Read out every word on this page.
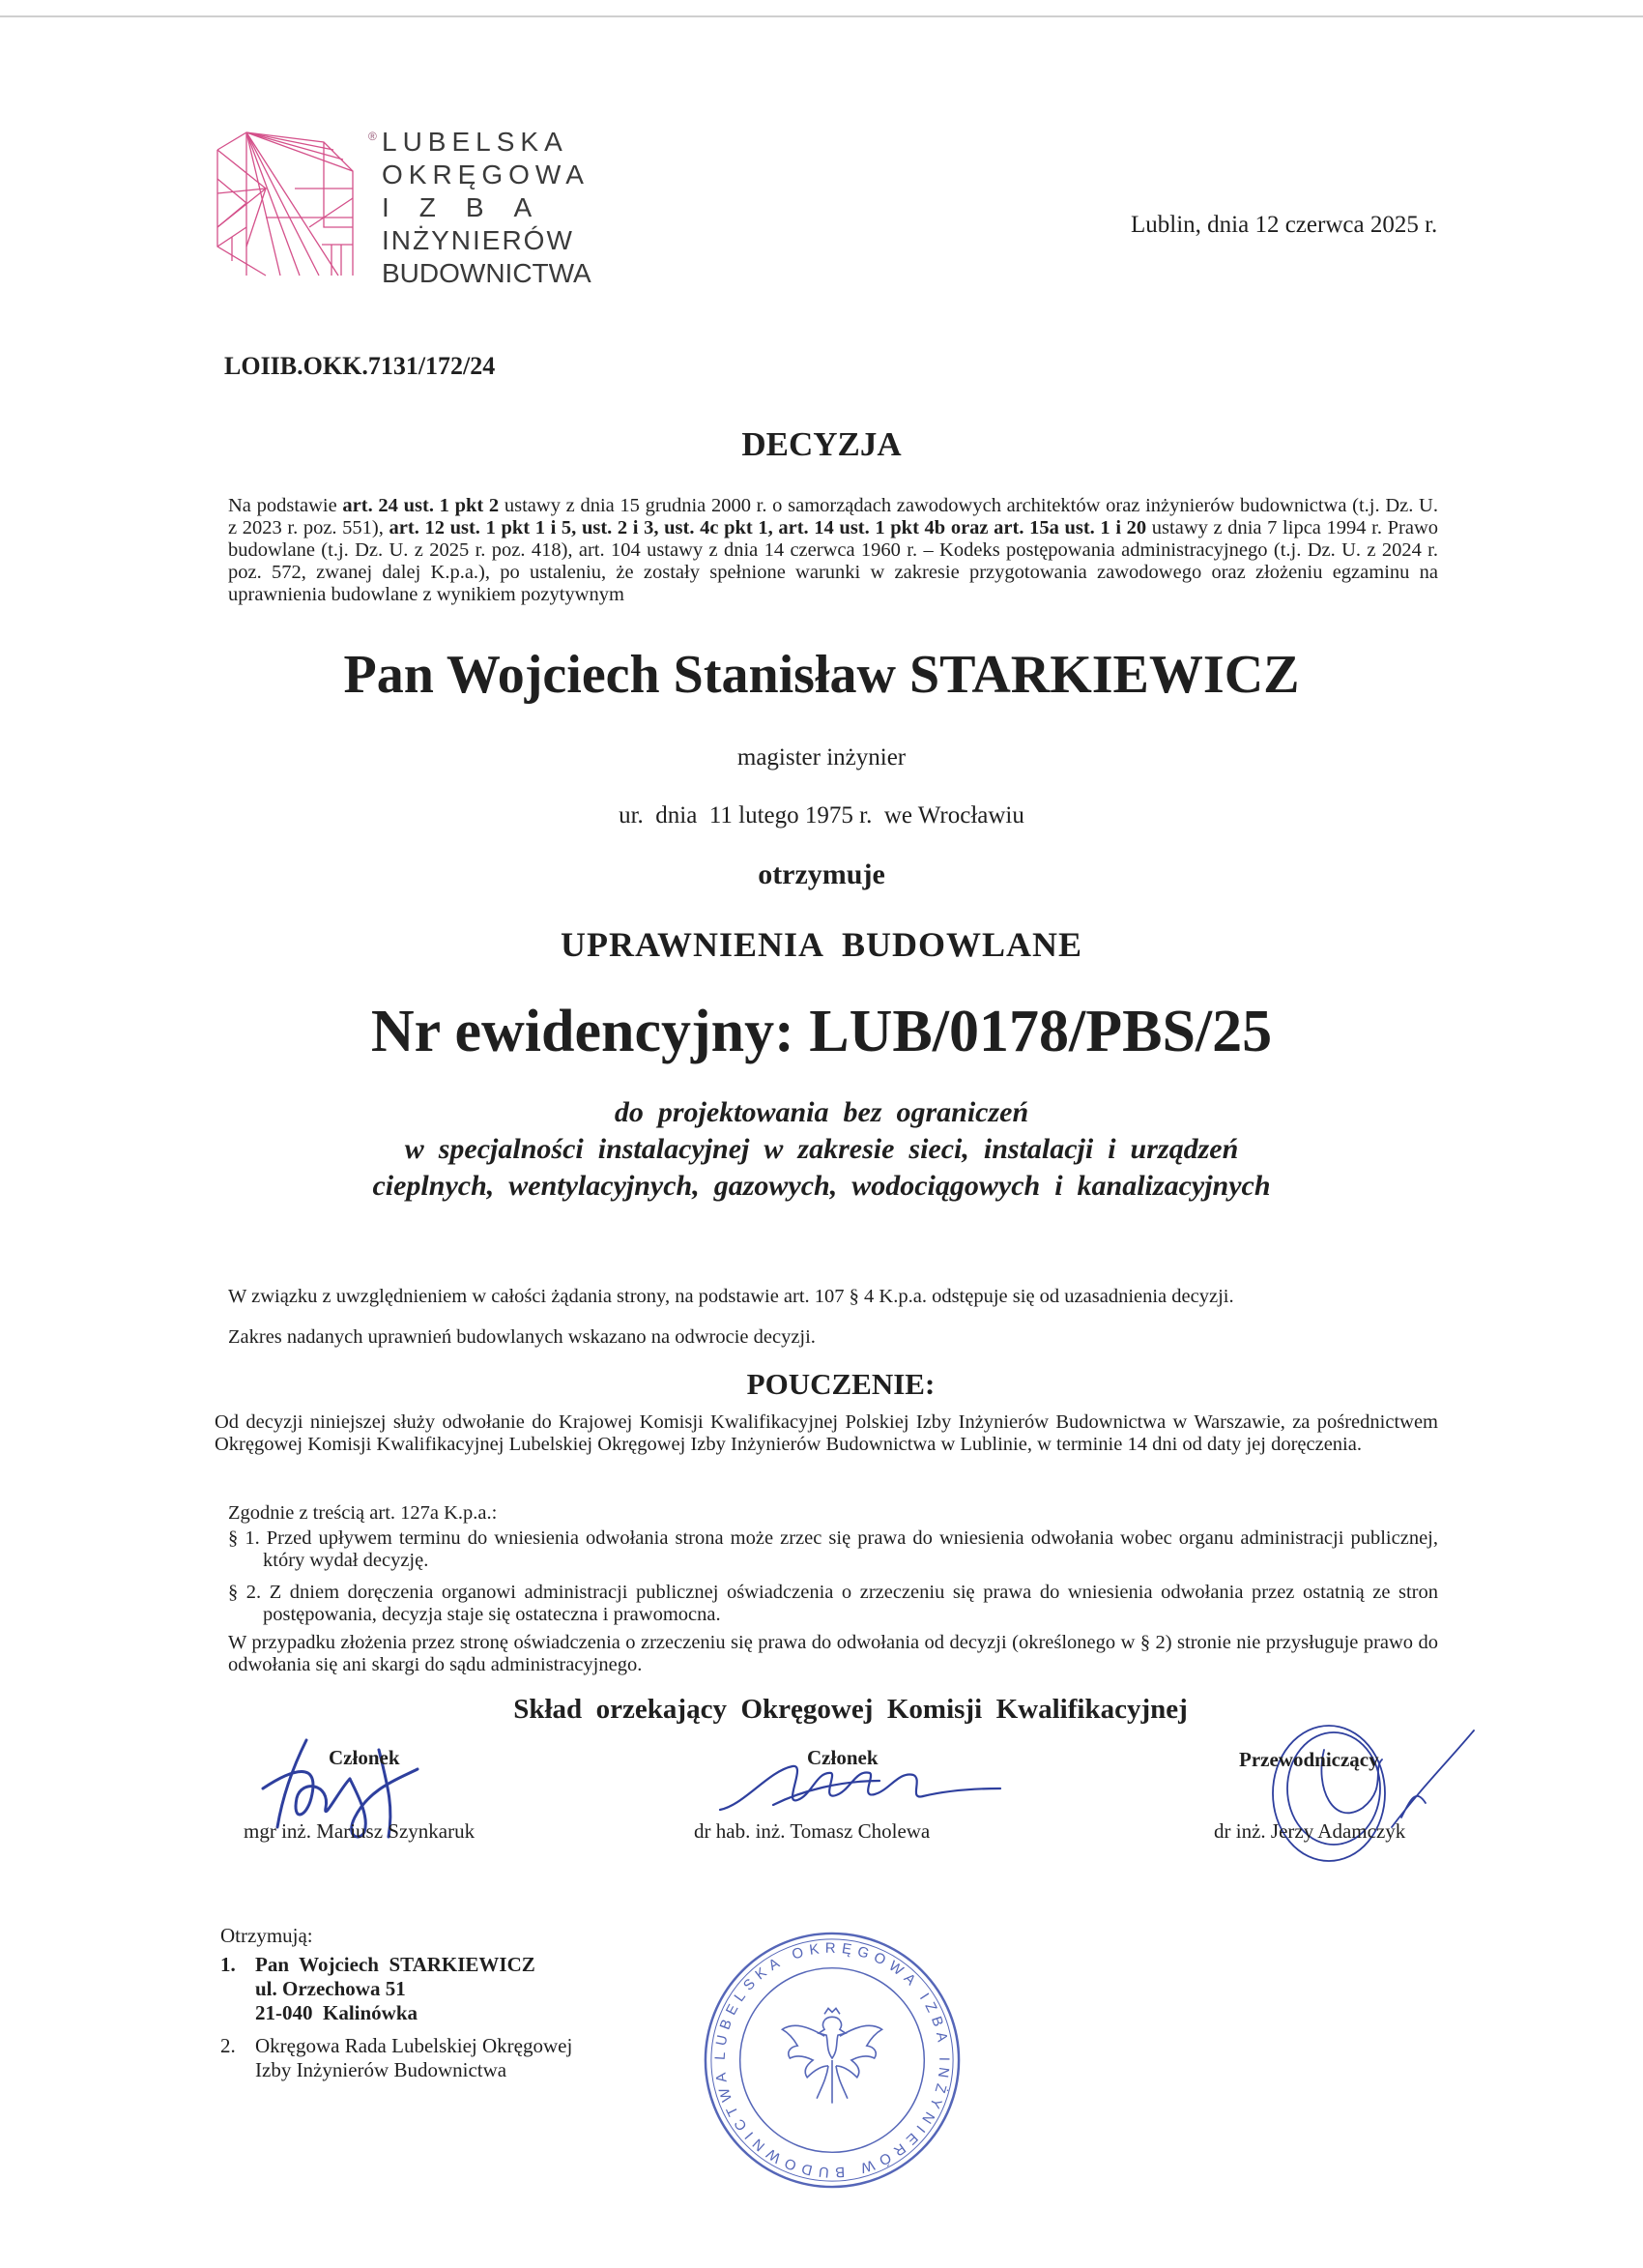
® LUBELSKA
OKRĘGOWA
IZBA
INŻYNIERÓW
BUDOWNICTWA
Lublin, dnia 12 czerwca 2025 r.
LOIIB.OKK.7131/172/24
DECYZJA
Na podstawie art. 24 ust. 1 pkt 2 ustawy z dnia 15 grudnia 2000 r. o samorządach zawodowych architektów oraz inżynierów budownictwa (t.j. Dz. U. z 2023 r. poz. 551), art. 12 ust. 1 pkt 1 i 5, ust. 2 i 3, ust. 4c pkt 1, art. 14 ust. 1 pkt 4b oraz art. 15a ust. 1 i 20 ustawy z dnia 7 lipca 1994 r. Prawo budowlane (t.j. Dz. U. z 2025 r. poz. 418), art. 104 ustawy z dnia 14 czerwca 1960 r. – Kodeks postępowania administracyjnego (t.j. Dz. U. z 2024 r. poz. 572, zwanej dalej K.p.a.), po ustaleniu, że zostały spełnione warunki w zakresie przygotowania zawodowego oraz złożeniu egzaminu na uprawnienia budowlane z wynikiem pozytywnym
Pan Wojciech Stanisław STARKIEWICZ
magister inżynier
ur.  dnia  11 lutego 1975 r.  we Wrocławiu
otrzymuje
UPRAWNIENIA  BUDOWLANE
Nr ewidencyjny: LUB/0178/PBS/25
do  projektowania  bez  ograniczeń
w  specjalności  instalacyjnej  w  zakresie  sieci,  instalacji  i  urządzeń
cieplnych,  wentylacyjnych,  gazowych,  wodociągowych  i  kanalizacyjnych
W związku z uwzględnieniem w całości żądania strony, na podstawie art. 107 § 4 K.p.a. odstępuje się od uzasadnienia decyzji.
Zakres nadanych uprawnień budowlanych wskazano na odwrocie decyzji.
POUCZENIE:
Od decyzji niniejszej służy odwołanie do Krajowej Komisji Kwalifikacyjnej Polskiej Izby Inżynierów Budownictwa w Warszawie, za pośrednictwem Okręgowej Komisji Kwalifikacyjnej Lubelskiej Okręgowej Izby Inżynierów Budownictwa w Lublinie, w terminie 14 dni od daty jej doręczenia.
Zgodnie z treścią art. 127a K.p.a.:
§ 1. Przed upływem terminu do wniesienia odwołania strona może zrzec się prawa do wniesienia odwołania wobec organu administracji publicznej, który wydał decyzję.
§ 2. Z dniem doręczenia organowi administracji publicznej oświadczenia o zrzeczeniu się prawa do wniesienia odwołania przez ostatnią ze stron postępowania, decyzja staje się ostateczna i prawomocna.
W przypadku złożenia przez stronę oświadczenia o zrzeczeniu się prawa do odwołania od decyzji (określonego w § 2) stronie nie przysługuje prawo do odwołania się ani skargi do sądu administracyjnego.
Skład  orzekający  Okręgowej  Komisji  Kwalifikacyjnej
Członek
mgr inż. Mariusz Szynkaruk
Członek
dr hab. inż. Tomasz Cholewa
Przewodniczący
dr inż. Jerzy Adamczyk
Otrzymują:
1. Pan  Wojciech  STARKIEWICZ
ul. Orzechowa 51
21-040  Kalinówka
2. Okręgowa Rada Lubelskiej Okręgowej
Izby Inżynierów Budownictwa
LUBELSKA OKRĘGOWA IZBA INŻYNIERÓW BUDOWNICTWA
